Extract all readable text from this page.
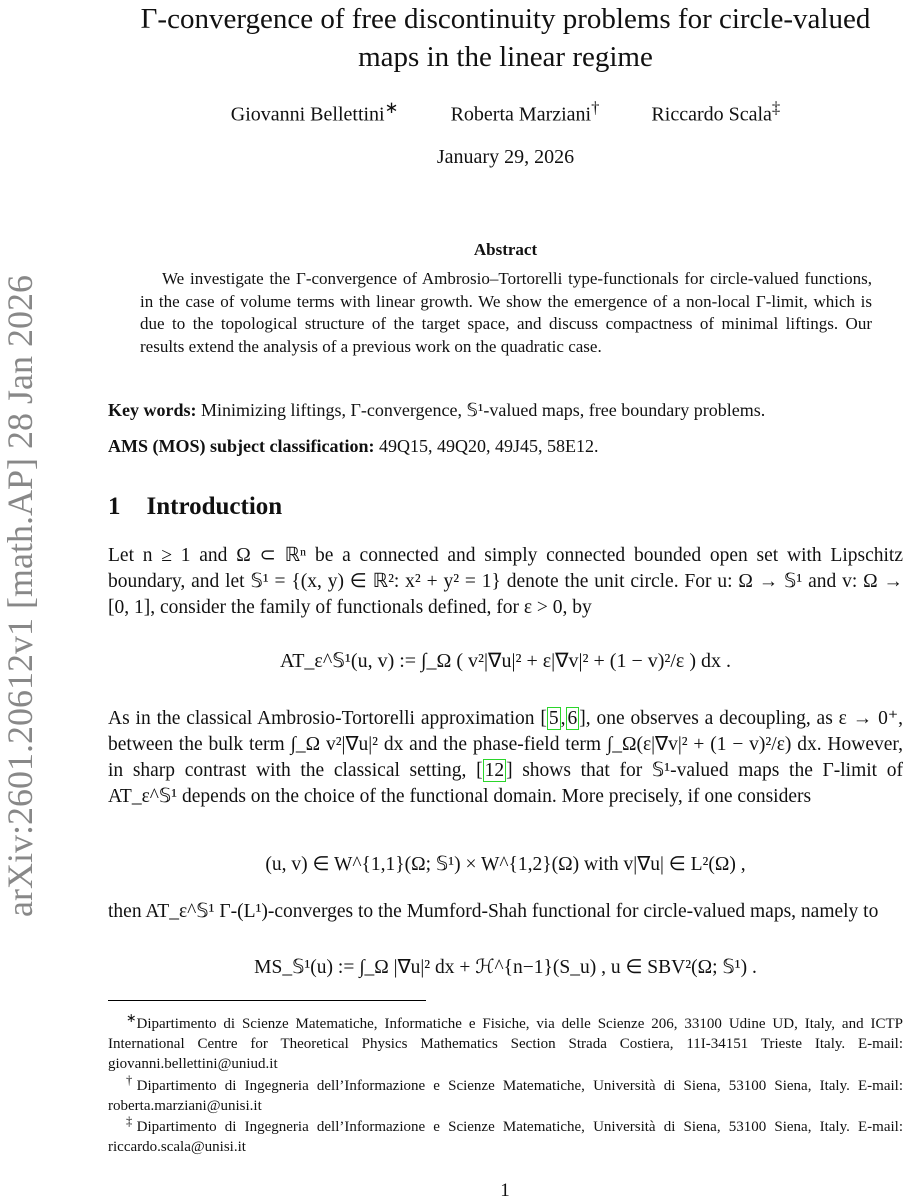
arXiv:2601.20612v1 [math.AP] 28 Jan 2026
Γ-convergence of free discontinuity problems for circle-valued maps in the linear regime
Giovanni Bellettini∗	Roberta Marziani†	Riccardo Scala‡
January 29, 2026
Abstract
We investigate the Γ-convergence of Ambrosio–Tortorelli type-functionals for circle-valued functions, in the case of volume terms with linear growth. We show the emergence of a non-local Γ-limit, which is due to the topological structure of the target space, and discuss compactness of minimal liftings. Our results extend the analysis of a previous work on the quadratic case.
Key words: Minimizing liftings, Γ-convergence, 𝕊¹-valued maps, free boundary problems.
AMS (MOS) subject classification: 49Q15, 49Q20, 49J45, 58E12.
1 Introduction
Let n ≥ 1 and Ω ⊂ ℝⁿ be a connected and simply connected bounded open set with Lipschitz boundary, and let 𝕊¹ = {(x, y) ∈ ℝ²: x² + y² = 1} denote the unit circle. For u: Ω → 𝕊¹ and v: Ω → [0, 1], consider the family of functionals defined, for ε > 0, by
AT_ε^𝕊¹(u, v) := ∫_Ω ( v²|∇u|² + ε|∇v|² + (1 − v)²/ε ) dx .
As in the classical Ambrosio-Tortorelli approximation [ 5 , 6 ], one observes a decoupling, as ε → 0⁺, between the bulk term ∫_Ω v²|∇u|² dx and the phase-field term ∫_Ω(ε|∇v|² + (1 − v)²/ε) dx. However, in sharp contrast with the classical setting, [ 12 ] shows that for 𝕊¹-valued maps the Γ-limit of AT_ε^𝕊¹ depends on the choice of the functional domain. More precisely, if one considers
(u, v) ∈ W^{1,1}(Ω; 𝕊¹) × W^{1,2}(Ω) with v|∇u| ∈ L²(Ω) ,
then AT_ε^𝕊¹ Γ-(L¹)-converges to the Mumford-Shah functional for circle-valued maps, namely to
MS_𝕊¹(u) := ∫_Ω |∇u|² dx + ℋ^{n−1}(S_u) , u ∈ SBV²(Ω; 𝕊¹) .
∗Dipartimento di Scienze Matematiche, Informatiche e Fisiche, via delle Scienze 206, 33100 Udine UD, Italy, and ICTP International Centre for Theoretical Physics Mathematics Section Strada Costiera, 11I-34151 Trieste Italy. E-mail: giovanni.bellettini@uniud.it
†Dipartimento di Ingegneria dell’Informazione e Scienze Matematiche, Università di Siena, 53100 Siena, Italy. E-mail: roberta.marziani@unisi.it
‡Dipartimento di Ingegneria dell’Informazione e Scienze Matematiche, Università di Siena, 53100 Siena, Italy. E-mail: riccardo.scala@unisi.it
1
